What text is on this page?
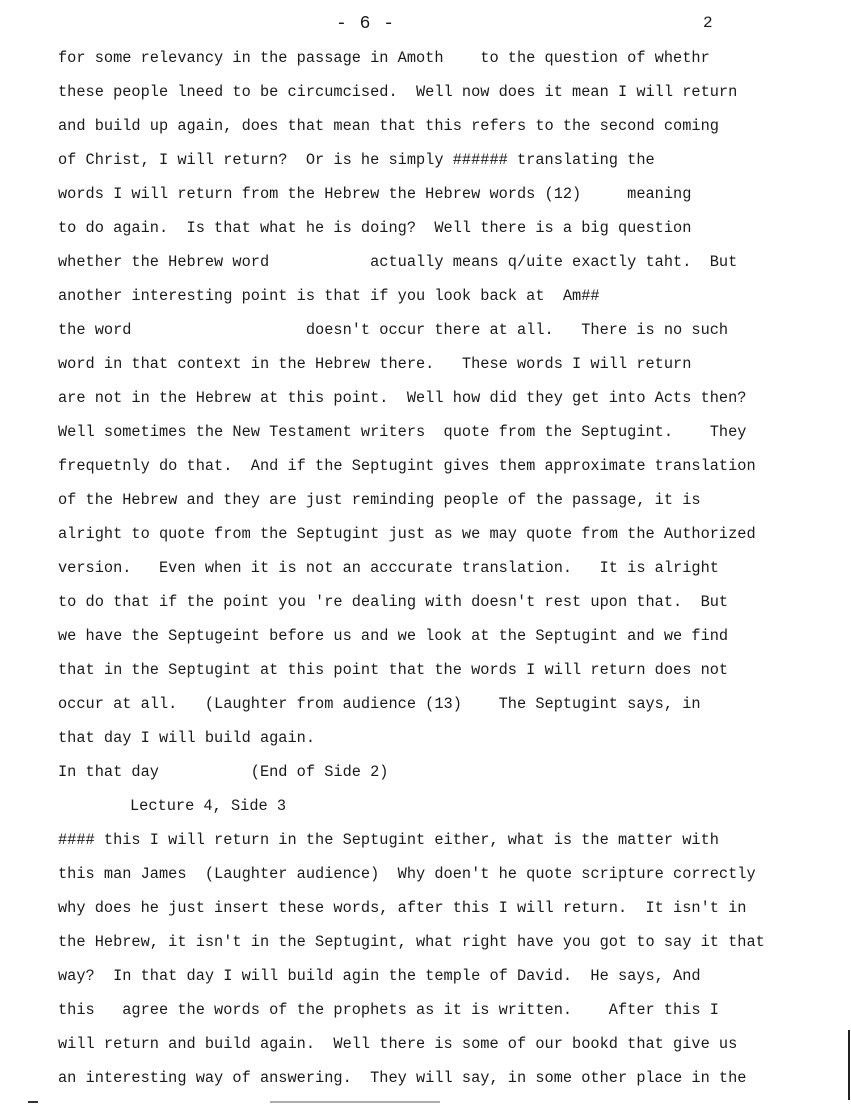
- 6 -	2
for some relevancy in the passage in Amoth    to the question of whethr
these people lneed to be circumcised.  Well now does it mean I will return
and build up again, does that mean that this refers to the second coming
of Christ, I will return?  Or is he simply ###### translating the
words I will return from the Hebrew the Hebrew words (12)     meaning
to do again.  Is that what he is doing?  Well there is a big question
whether the Hebrew word           actually means q/uite exactly taht.  But
another interesting point is that if you look back at  Am##
the word                   doesn't occur there at all.   There is no such
word in that context in the Hebrew there.   These words I will return
are not in the Hebrew at this point.  Well how did they get into Acts then?
Well sometimes the New Testament writers  quote from the Septugint.    They
frequetnly do that.  And if the Septugint gives them approximate translation
of the Hebrew and they are just reminding people of the passage, it is
alright to quote from the Septugint just as we may quote from the Authorized
version.   Even when it is not an acccurate translation.   It is alright
to do that if the point you 're dealing with doesn't rest upon that.  But
we have the Septugeint before us and we look at the Septugint and we find
that in the Septugint at this point that the words I will return does not
occur at all.   (Laughter from audience (13)    The Septugint says, in
that day I will build again.
In that day          (End of Side 2)
Lecture 4, Side 3
#### this I will return in the Septugint either, what is the matter with
this man James  (Laughter audience)  Why doen't he quote scripture correctly
why does he just insert these words, after this I will return.  It isn't in
the Hebrew, it isn't in the Septugint, what right have you got to say it that
way?  In that day I will build agin the temple of David.  He says, And
this   agree the words of the prophets as it is written.    After this I
will return and build again.  Well there is some of our bookd that give us
an interesting way of answering.  They will say, in some other place in the
